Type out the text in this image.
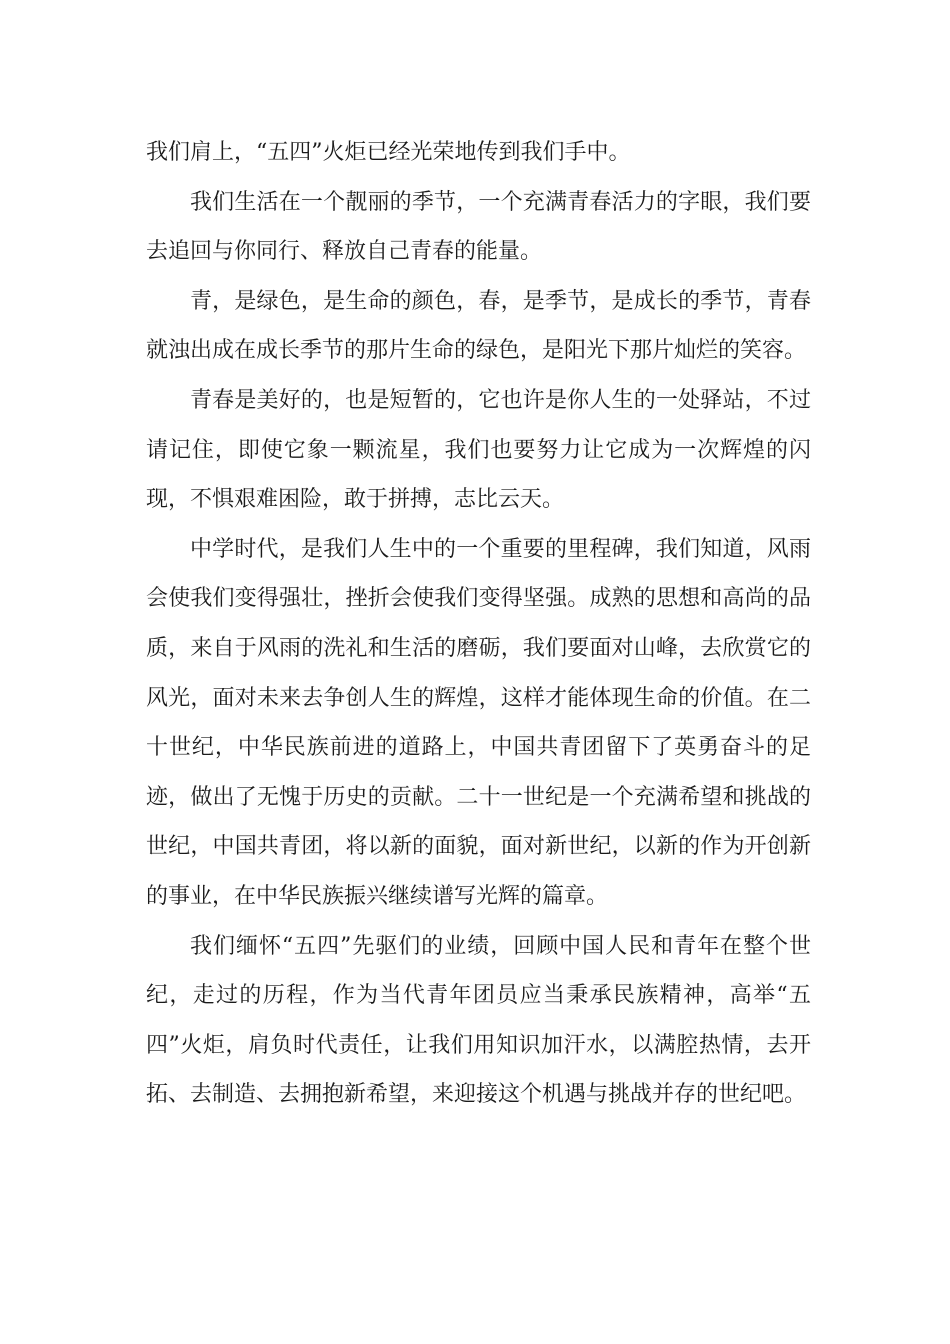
我们肩上，“五四”火炬已经光荣地传到我们手中。

我们生活在一个靓丽的季节，一个充满青春活力的字眼，我们要去追回与你同行、释放自己青春的能量。

青，是绿色，是生命的颜色，春，是季节，是成长的季节，青春就浊出成在成长季节的那片生命的绿色，是阳光下那片灿烂的笑容。

青春是美好的，也是短暂的，它也许是你人生的一处驿站，不过请记住，即使它象一颗流星，我们也要努力让它成为一次辉煌的闪现，不惧艰难困险，敢于拼搏，志比云天。

中学时代，是我们人生中的一个重要的里程碑，我们知道，风雨会使我们变得强壮，挫折会使我们变得坚强。成熟的思想和高尚的品质，来自于风雨的洗礼和生活的磨砺，我们要面对山峰，去欣赏它的风光，面对未来去争创人生的辉煌，这样才能体现生命的价值。在二十世纪，中华民族前进的道路上，中国共青团留下了英勇奋斗的足迹，做出了无愧于历史的贡献。二十一世纪是一个充满希望和挑战的世纪，中国共青团，将以新的面貌，面对新世纪，以新的作为开创新的事业，在中华民族振兴继续谱写光辉的篇章。

我们缅怀“五四”先驱们的业绩，回顾中国人民和青年在整个世纪，走过的历程，作为当代青年团员应当秉承民族精神，高举“五四”火炬，肩负时代责任，让我们用知识加汗水，以满腔热情，去开拓、去制造、去拥抱新希望，来迎接这个机遇与挑战并存的世纪吧。
